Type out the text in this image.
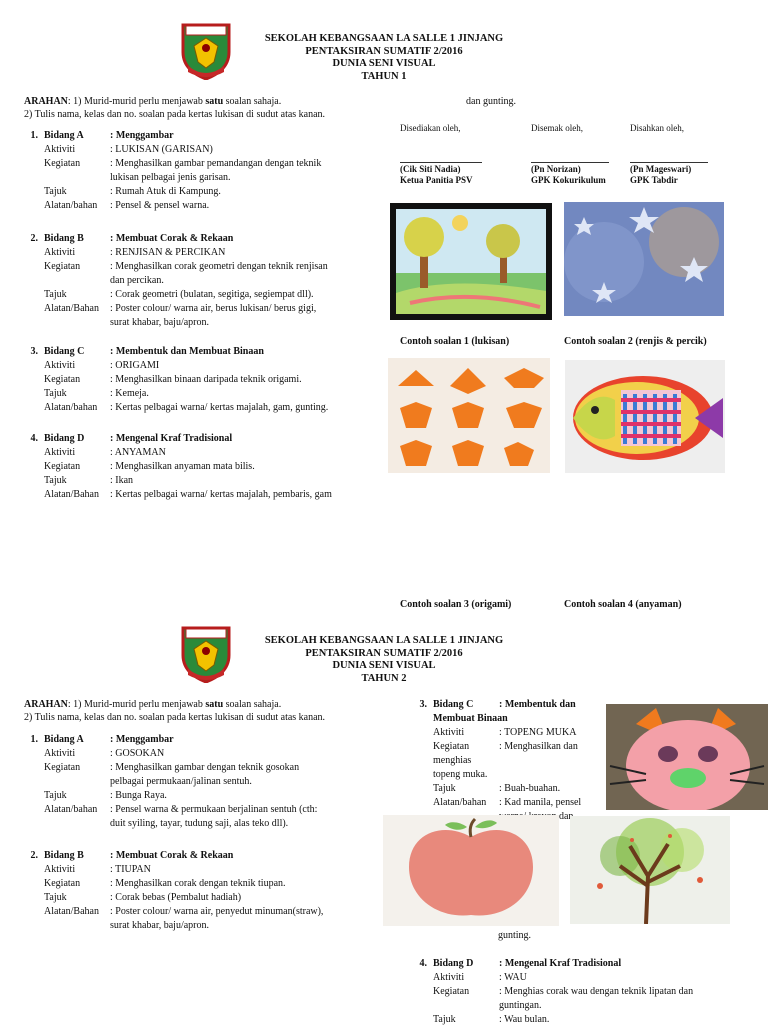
SEKOLAH KEBANGSAAN LA SALLE 1 JINJANG
PENTAKSIRAN SUMATIF 2/2016
DUNIA SENI VISUAL
TAHUN 1
ARAHAN: 1) Murid-murid perlu menjawab satu soalan sahaja.
2) Tulis nama, kelas dan no. soalan pada kertas lukisan di sudut atas kanan.
dan gunting.
Disediakan oleh,	Disemak oleh,	Disahkan oleh,
(Cik Siti Nadia)
Ketua Panitia PSV
(Pn Norizan)
GPK Kokurikulum
(Pn Mageswari)
GPK Tabdir
1. Bidang A	: Menggambar
Aktiviti	: LUKISAN (GARISAN)
Kegiatan	: Menghasilkan gambar pemandangan dengan teknik
lukisan pelbagai jenis garisan.
Tajuk	: Rumah Atuk di Kampung.
Alatan/bahan	: Pensel & pensel warna.
2. Bidang B	: Membuat Corak & Rekaan
Aktiviti	: RENJISAN & PERCIKAN
Kegiatan	: Menghasilkan corak geometri dengan teknik renjisan
dan percikan.
Tajuk	: Corak geometri (bulatan, segitiga, segiempat dll).
Alatan/Bahan	: Poster colour/ warna air, berus lukisan/ berus gigi,
surat khabar, baju/apron.
3. Bidang C	: Membentuk dan Membuat Binaan
Aktiviti	: ORIGAMI
Kegiatan	: Menghasilkan binaan daripada teknik origami.
Tajuk	: Kemeja.
Alatan/bahan	: Kertas pelbagai warna/ kertas majalah, gam, gunting.
4. Bidang D	: Mengenal Kraf Tradisional
Aktiviti	: ANYAMAN
Kegiatan	: Menghasilkan anyaman mata bilis.
Tajuk	: Ikan
Alatan/Bahan	: Kertas pelbagai warna/ kertas majalah, pembaris, gam
Contoh soalan 1 (lukisan)	Contoh soalan 2 (renjis & percik)
Contoh soalan 3 (origami)	Contoh soalan 4 (anyaman)
SEKOLAH KEBANGSAAN LA SALLE 1 JINJANG
PENTAKSIRAN SUMATIF 2/2016
DUNIA SENI VISUAL
TAHUN 2
ARAHAN: 1) Murid-murid perlu menjawab satu soalan sahaja.
2) Tulis nama, kelas dan no. soalan pada kertas lukisan di sudut atas kanan.
1. Bidang A	: Menggambar
Aktiviti	: GOSOKAN
Kegiatan	: Menghasilkan gambar dengan teknik gosokan
pelbagai permukaan/jalinan sentuh.
Tajuk	: Bunga Raya.
Alatan/bahan	: Pensel warna & permukaan berjalinan sentuh (cth:
duit syiling, tayar, tudung saji, alas teko dll).
2. Bidang B	: Membuat Corak & Rekaan
Aktiviti	: TIUPAN
Kegiatan	: Menghasilkan corak dengan teknik tiupan.
Tajuk	: Corak bebas (Pembalut hadiah)
Alatan/Bahan	: Poster colour/ warna air, penyedut minuman(straw),
surat khabar, baju/apron.
3. Bidang C	: Membentuk dan
Membuat Binaan
Aktiviti	: TOPENG MUKA
Kegiatan	: Menghasilkan dan
menghias topeng muka.
Tajuk	: Buah-buahan.
Alatan/bahan	: Kad manila, pensel
dan
gunting.
4. Bidang D	: Mengenal Kraf Tradisional
Aktiviti	: WAU
Kegiatan	: Menghias corak wau dengan teknik lipatan dan
guntingan.
Tajuk	: Wau bulan.
